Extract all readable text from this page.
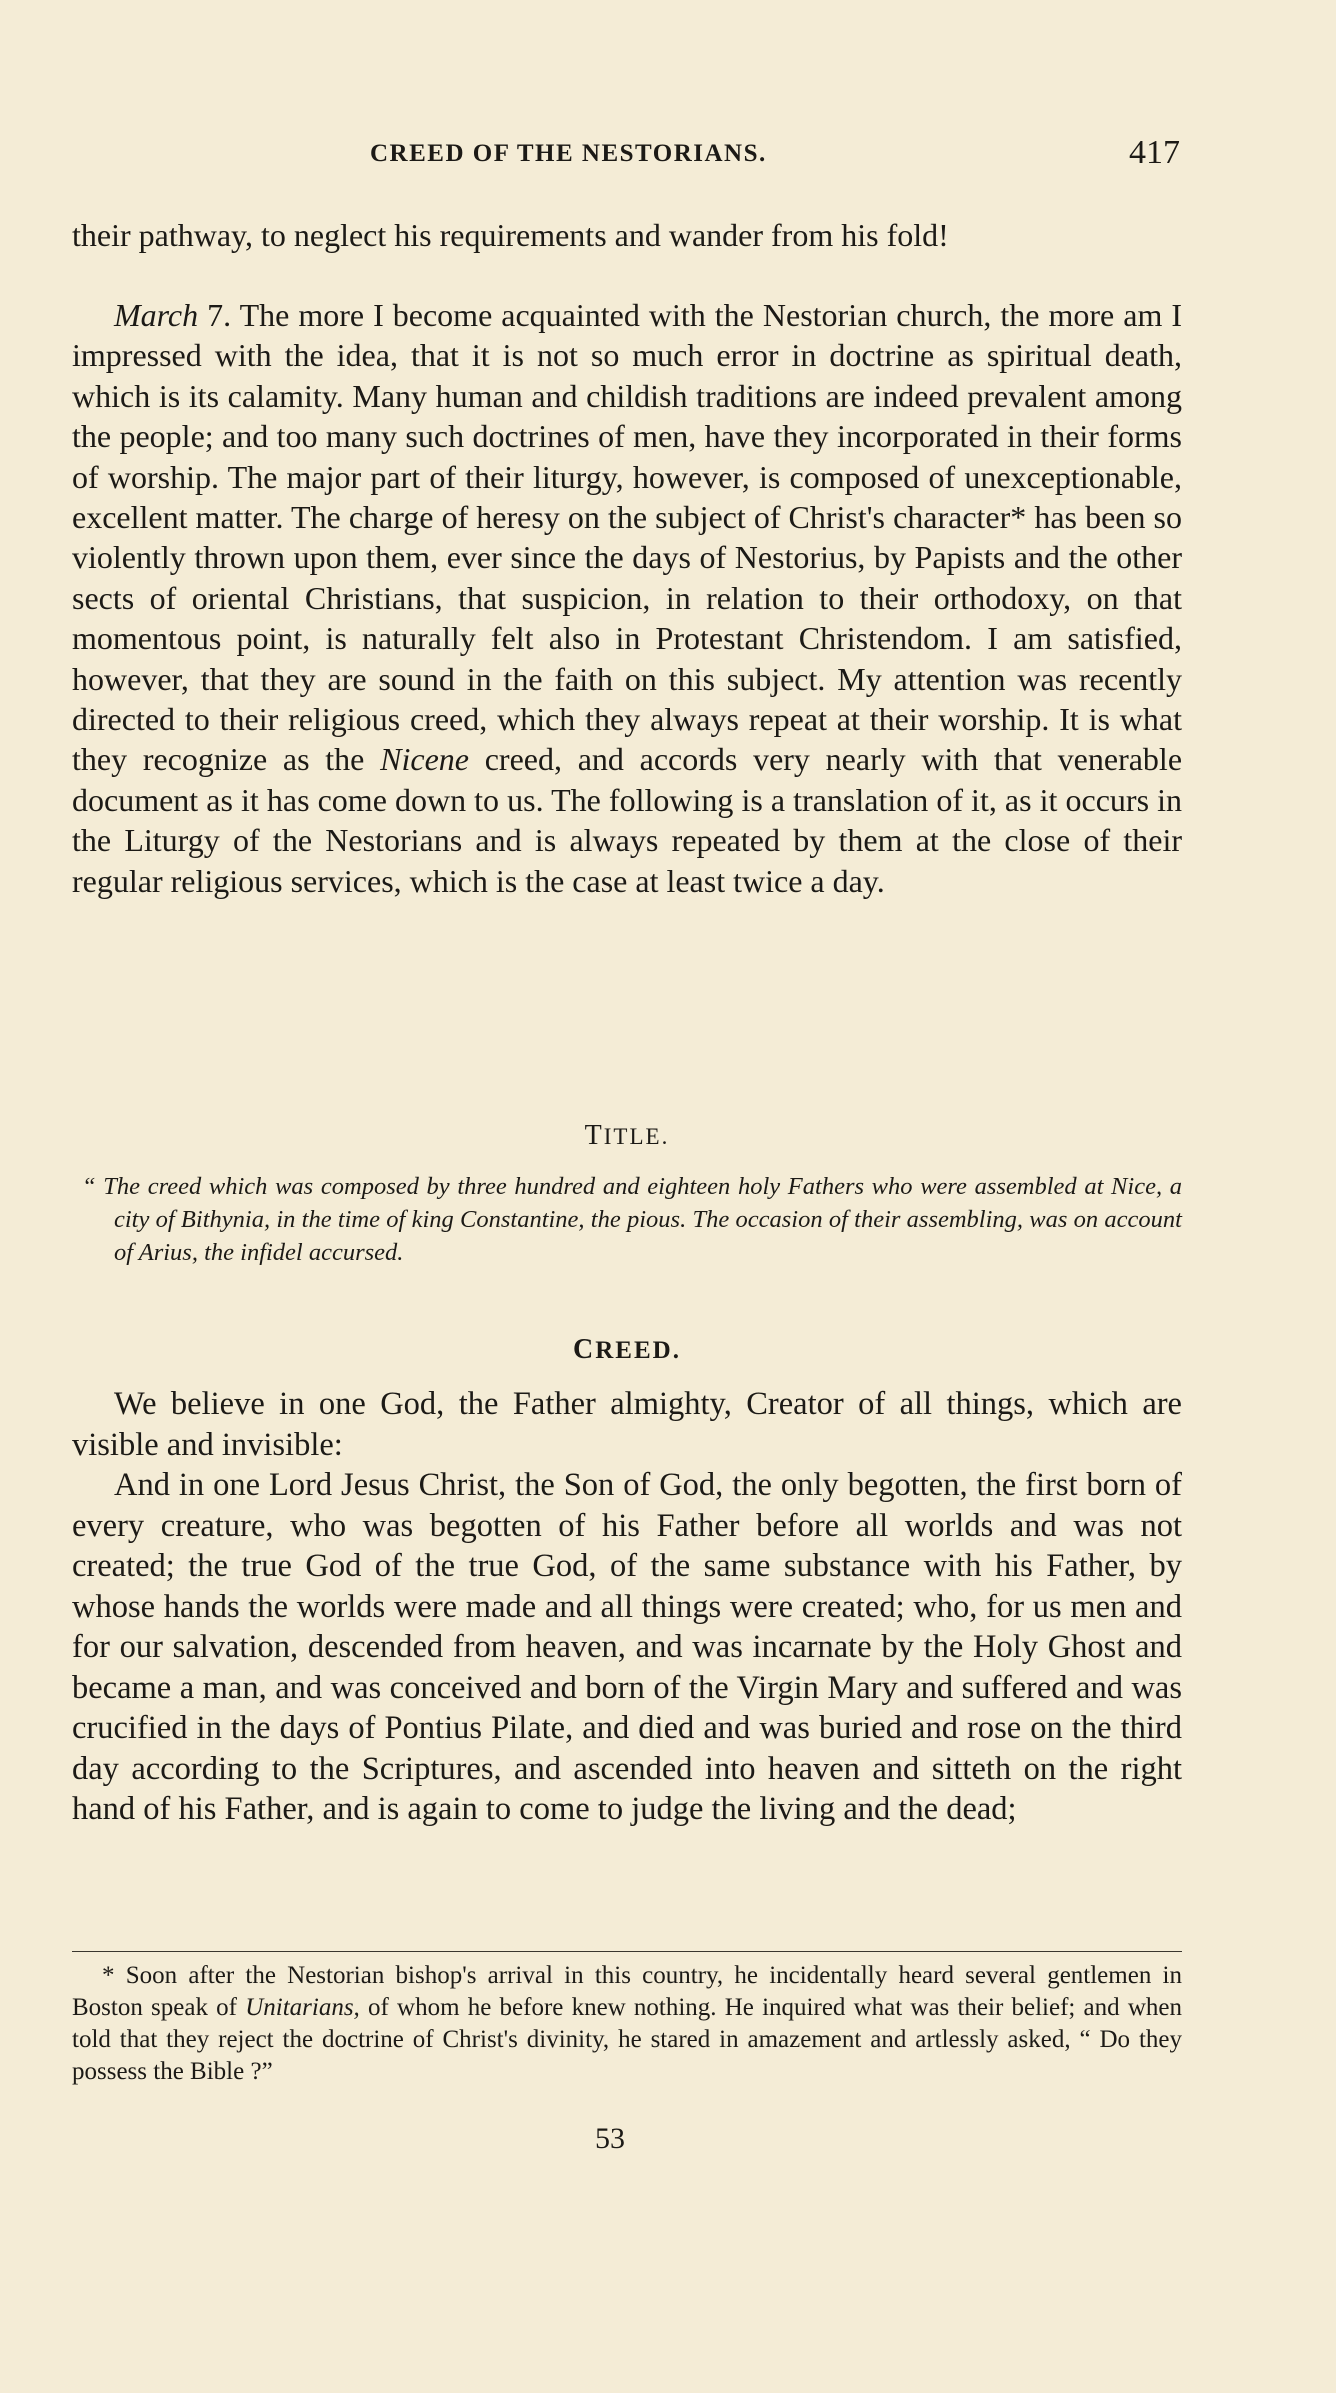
CREED OF THE NESTORIANS.	417
their pathway, to neglect his requirements and wander from his fold!
March 7. The more I become acquainted with the Nestorian church, the more am I impressed with the idea, that it is not so much error in doctrine as spiritual death, which is its calamity. Many human and childish traditions are indeed prevalent among the people; and too many such doctrines of men, have they incorporated in their forms of worship. The major part of their liturgy, however, is composed of unexceptionable, excellent matter. The charge of heresy on the subject of Christ's character* has been so violently thrown upon them, ever since the days of Nestorius, by Papists and the other sects of oriental Christians, that suspicion, in relation to their orthodoxy, on that momentous point, is naturally felt also in Protestant Christendom. I am satisfied, however, that they are sound in the faith on this subject. My attention was recently directed to their religious creed, which they always repeat at their worship. It is what they recognize as the Nicene creed, and accords very nearly with that venerable document as it has come down to us. The following is a translation of it, as it occurs in the Liturgy of the Nestorians and is always repeated by them at the close of their regular religious services, which is the case at least twice a day.
TITLE.
“ The creed which was composed by three hundred and eighteen holy Fathers who were assembled at Nice, a city of Bithynia, in the time of king Constantine, the pious. The occasion of their assembling, was on account of Arius, the infidel accursed.
CREED.
We believe in one God, the Father almighty, Creator of all things, which are visible and invisible:
And in one Lord Jesus Christ, the Son of God, the only begotten, the first born of every creature, who was begotten of his Father before all worlds and was not created; the true God of the true God, of the same substance with his Father, by whose hands the worlds were made and all things were created; who, for us men and for our salvation, descended from heaven, and was incarnate by the Holy Ghost and became a man, and was conceived and born of the Virgin Mary and suffered and was crucified in the days of Pontius Pilate, and died and was buried and rose on the third day according to the Scriptures, and ascended into heaven and sitteth on the right hand of his Father, and is again to come to judge the living and the dead;
* Soon after the Nestorian bishop's arrival in this country, he incidentally heard several gentlemen in Boston speak of Unitarians, of whom he before knew nothing. He inquired what was their belief; and when told that they reject the doctrine of Christ's divinity, he stared in amazement and artlessly asked, “ Do they possess the Bible ?”
53
